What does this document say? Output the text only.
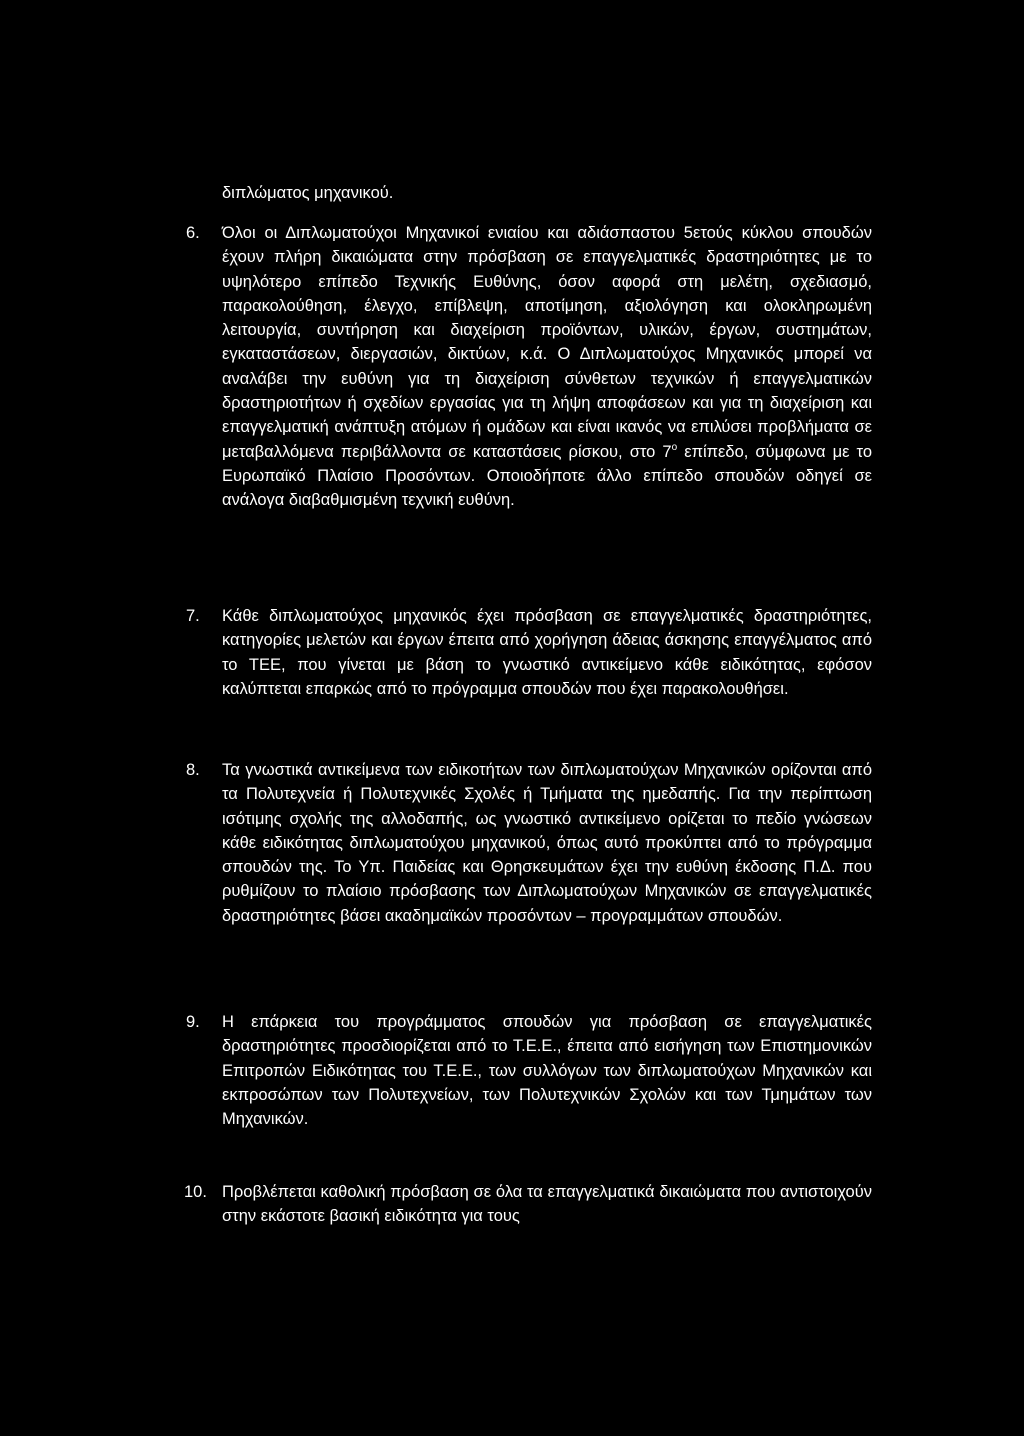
διπλώματος μηχανικού.

6.	Όλοι οι Διπλωματούχοι Μηχανικοί ενιαίου και αδιάσπαστου 5ετούς κύκλου σπουδών έχουν πλήρη δικαιώματα στην πρόσβαση σε επαγγελματικές δραστηριότητες με το υψηλότερο επίπεδο Τεχνικής Ευθύνης, όσον αφορά στη μελέτη, σχεδιασμό, παρακολούθηση, έλεγχο, επίβλεψη, αποτίμηση, αξιολόγηση και ολοκληρωμένη λειτουργία, συντήρηση και διαχείριση προϊόντων, υλικών, έργων, συστημάτων, εγκαταστάσεων, διεργασιών, δικτύων, κ.ά. Ο Διπλωματούχος Μηχανικός μπορεί να αναλάβει την ευθύνη για τη διαχείριση σύνθετων τεχνικών ή επαγγελματικών δραστηριοτήτων ή σχεδίων εργασίας για τη λήψη αποφάσεων και για τη διαχείριση και επαγγελματική ανάπτυξη ατόμων ή ομάδων και είναι ικανός να επιλύσει προβλήματα σε μεταβαλλόμενα περιβάλλοντα σε καταστάσεις ρίσκου, στο $7^o$ επίπεδο, σύμφωνα με το Ευρωπαϊκό Πλαίσιο Προσόντων. Οποιοδήποτε άλλο επίπεδο σπουδών οδηγεί σε ανάλογα διαβαθμισμένη τεχνική ευθύνη.

7.	Κάθε διπλωματούχος μηχανικός έχει πρόσβαση σε επαγγελματικές δραστηριότητες, κατηγορίες μελετών και έργων έπειτα από χορήγηση άδειας άσκησης επαγγέλματος από το ΤΕΕ, που γίνεται με βάση το γνωστικό αντικείμενο κάθε ειδικότητας, εφόσον καλύπτεται επαρκώς από το πρόγραμμα σπουδών που έχει παρακολουθήσει.

8.	Τα γνωστικά αντικείμενα των ειδικοτήτων των διπλωματούχων Μηχανικών ορίζονται από τα Πολυτεχνεία ή Πολυτεχνικές Σχολές ή Τμήματα της ημεδαπής. Για την περίπτωση ισότιμης σχολής της αλλοδαπής, ως γνωστικό αντικείμενο ορίζεται το πεδίο γνώσεων κάθε ειδικότητας διπλωματούχου μηχανικού, όπως αυτό προκύπτει από το πρόγραμμα σπουδών της. Το Υπ. Παιδείας και Θρησκευμάτων έχει την ευθύνη έκδοσης Π.Δ. που ρυθμίζουν το πλαίσιο πρόσβασης των Διπλωματούχων Μηχανικών σε επαγγελματικές δραστηριότητες βάσει ακαδημαϊκών προσόντων – προγραμμάτων σπουδών.

9.	Η επάρκεια του προγράμματος σπουδών για πρόσβαση σε επαγγελματικές δραστηριότητες προσδιορίζεται από το Τ.Ε.Ε., έπειτα από εισήγηση των Επιστημονικών Επιτροπών Ειδικότητας του Τ.Ε.Ε., των συλλόγων των διπλωματούχων Μηχανικών και εκπροσώπων των Πολυτεχνείων, των Πολυτεχνικών Σχολών και των Τμημάτων των Μηχανικών.

10. Προβλέπεται καθολική πρόσβαση σε όλα τα επαγγελματικά δικαιώματα που αντιστοιχούν στην εκάστοτε βασική ειδικότητα για τους
